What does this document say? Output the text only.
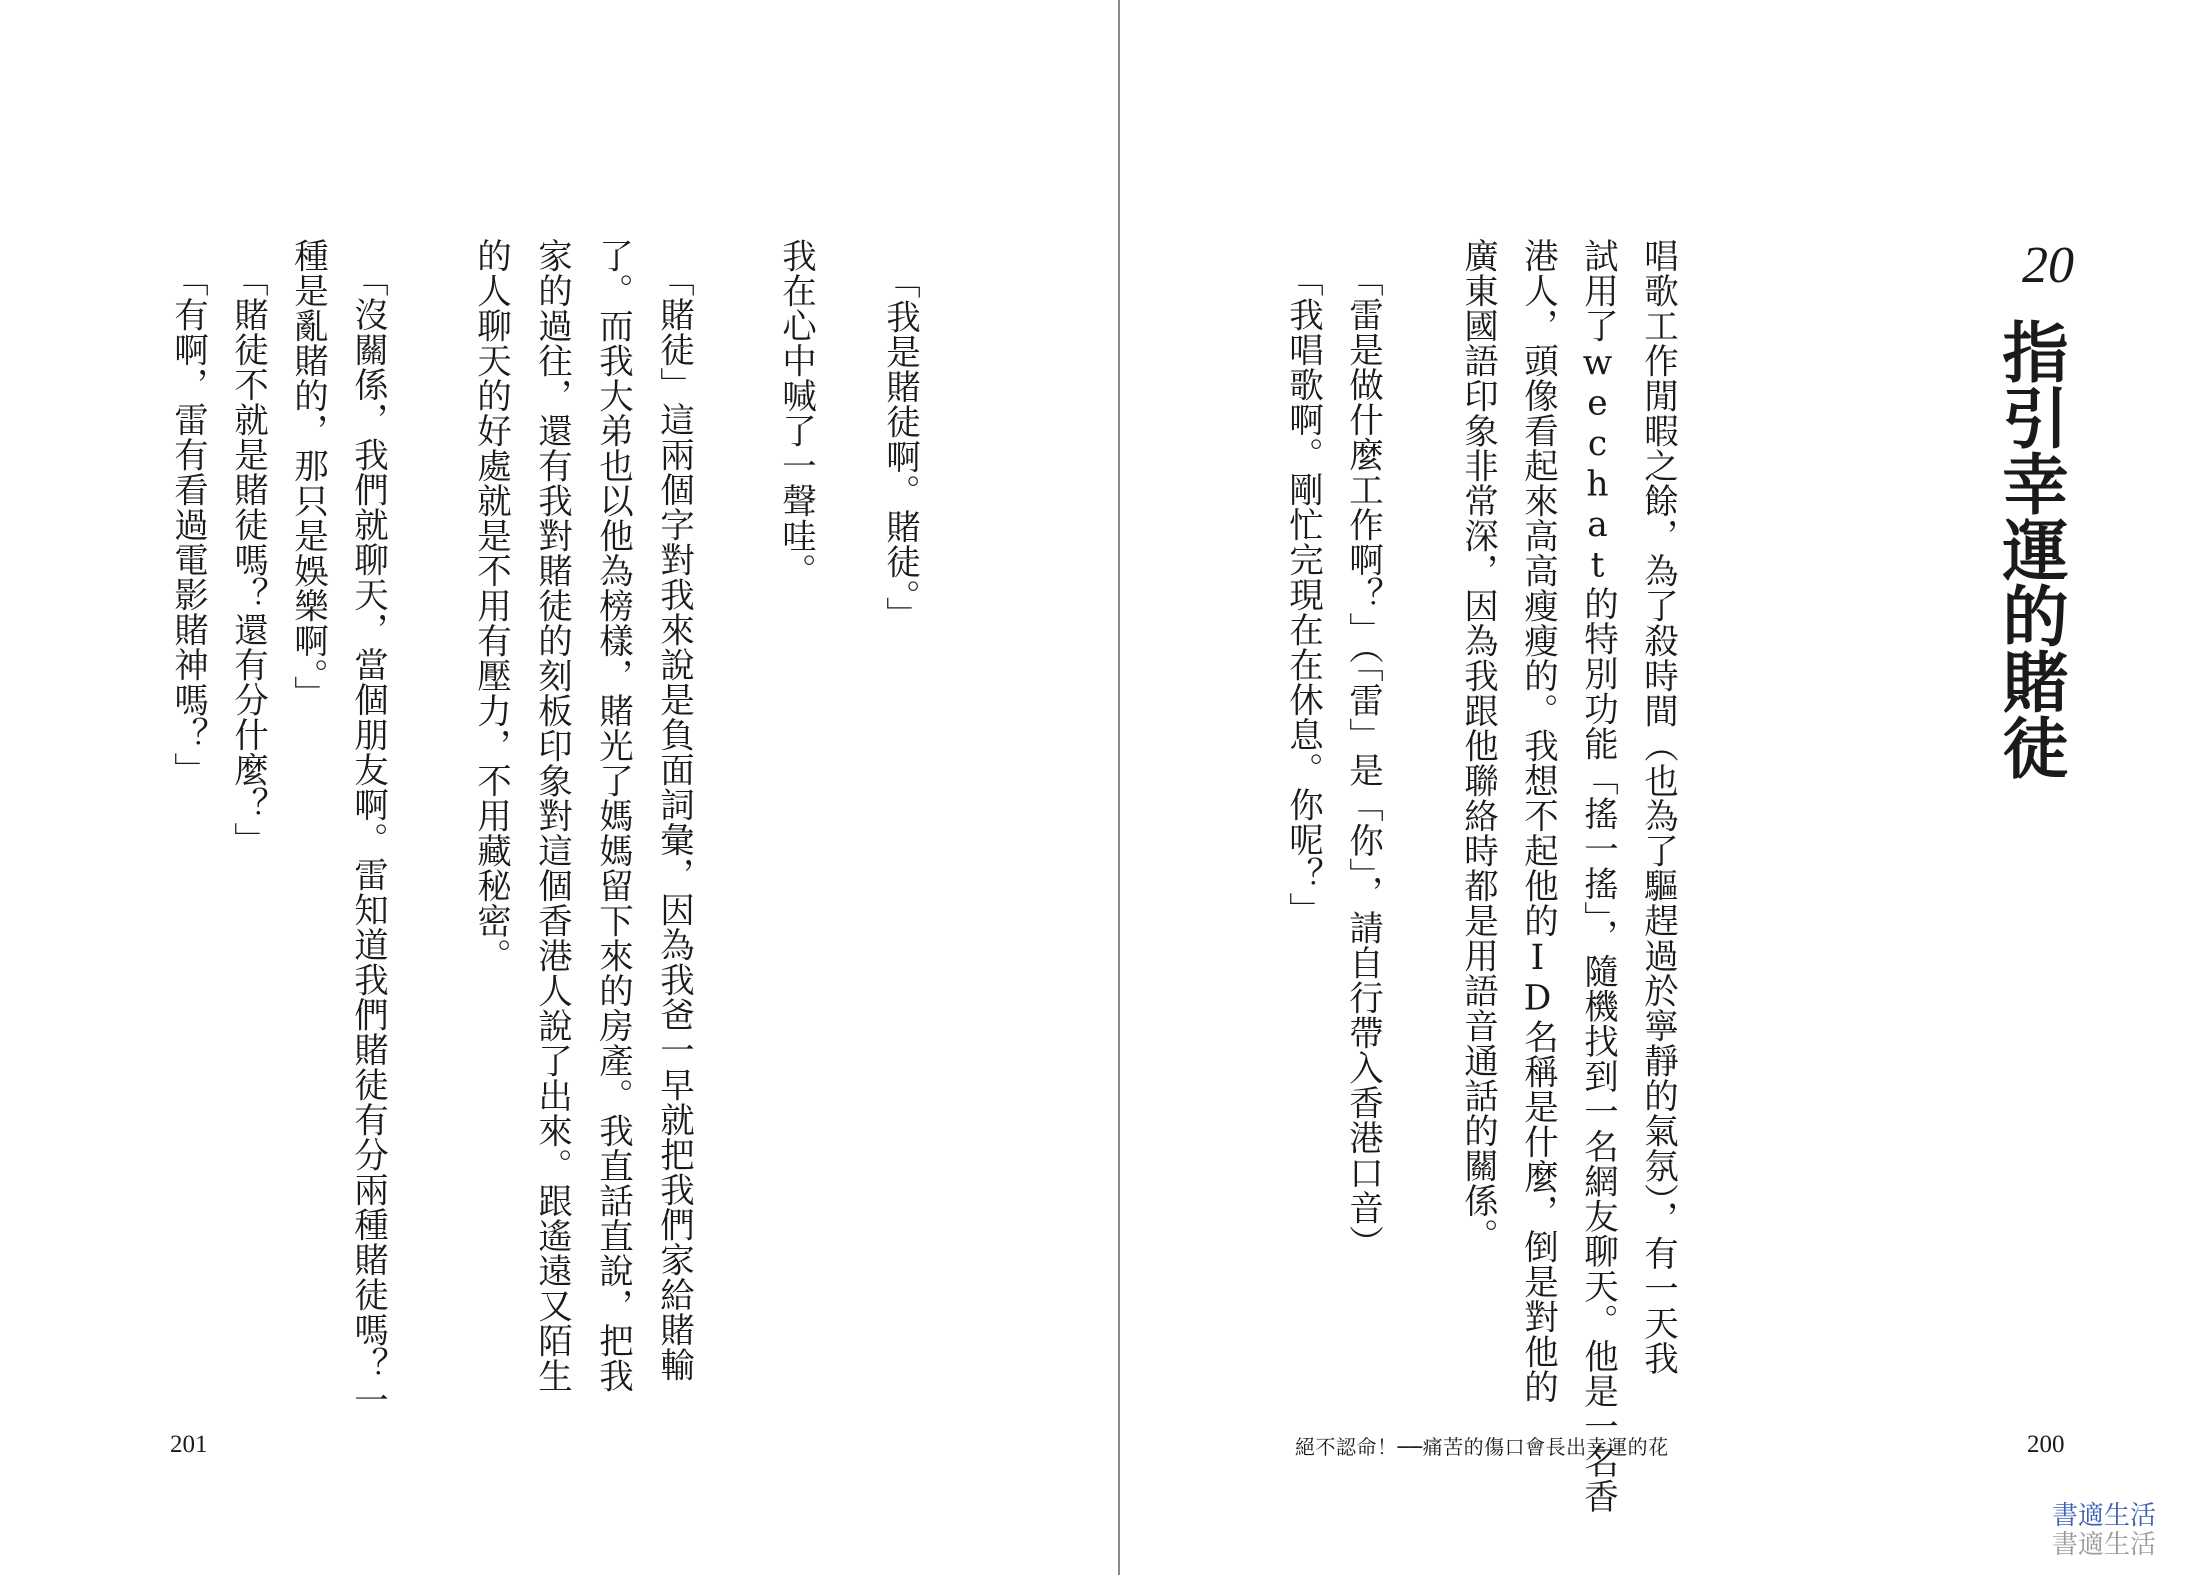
「我是賭徒啊。賭徒。」
我在心中喊了一聲哇。
「賭徒」這兩個字對我來說是負面詞彙，因為我爸一早就把我們家給賭輸
了。而我大弟也以他為榜樣，賭光了媽媽留下來的房產。我直話直說，把我
家的過往，還有我對賭徒的刻板印象對這個香港人說了出來。跟遙遠又陌生
的人聊天的好處就是不用有壓力，不用藏秘密。
「沒關係，我們就聊天，當個朋友啊。雷知道我們賭徒有分兩種賭徒嗎？一
種是亂賭的，那只是娛樂啊。」
「賭徒不就是賭徒嗎？還有分什麼？」
「有啊，雷有看過電影賭神嗎？」
201
20
指引幸運的賭徒
唱歌工作閒暇之餘，為了殺時間（也為了驅趕過於寧靜的氣氛），有一天我
試用了wechat的特別功能「搖一搖」，隨機找到一名網友聊天。他是一名香
港人，頭像看起來高高瘦瘦的。我想不起他的ID名稱是什麼，倒是對他的
廣東國語印象非常深，因為我跟他聯絡時都是用語音通話的關係。
「雷是做什麼工作啊？」（「雷」是「你」，請自行帶入香港口音）
「我唱歌啊。剛忙完現在在休息。你呢？」
絕不認命！──痛苦的傷口會長出幸運的花	200
書適生活
書適生活
